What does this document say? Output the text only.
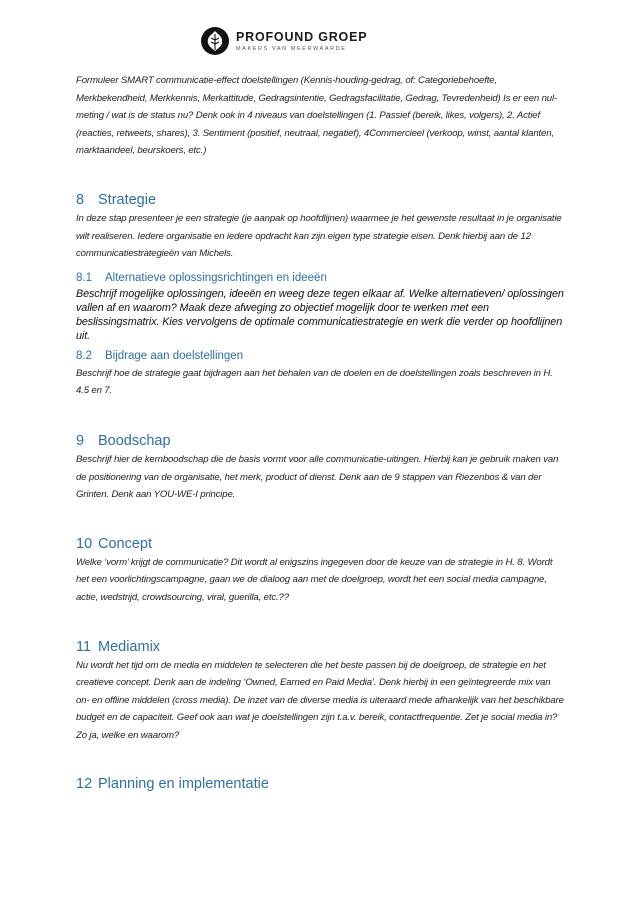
PROFOUND GROEP
MAKERS VAN MEERWAARDE

Formuleer SMART communicatie-effect doelstellingen (Kennis-houding-gedrag, of: Categoriebehoefte, Merkbekendheid, Merkkennis, Merkattitude, Gedragsintentie, Gedragsfacilitatie, Gedrag, Tevredenheid) Is er een nul-meting / wat is de status nu? Denk ook in 4 niveaus van doelstellingen (1. Passief (bereik, likes, volgers), 2. Actief (reacties, retweets, shares), 3. Sentiment (positief, neutraal, negatief), 4Commercieel (verkoop, winst, aantal klanten, marktaandeel, beurskoers, etc.)

8 Strategie

In deze stap presenteer je een strategie (je aanpak op hoofdlijnen) waarmee je het gewenste resultaat in je organisatie wilt realiseren. Iedere organisatie en iedere opdracht kan zijn eigen type strategie eisen. Denk hierbij aan de 12 communicatiestrategieën van Michels.

8.1 Alternatieve oplossingsrichtingen en ideeën

Beschrijf mogelijke oplossingen, ideeën en weeg deze tegen elkaar af. Welke alternatieven/ oplossingen vallen af en waarom? Maak deze afweging zo objectief mogelijk door te werken met een beslissingsmatrix. Kies vervolgens de optimale communicatiestrategie en werk die verder op hoofdlijnen uit.

8.2 Bijdrage aan doelstellingen

Beschrijf hoe de strategie gaat bijdragen aan het behalen van de doelen en de doelstellingen zoals beschreven in H. 4.5 en 7.

9 Boodschap

Beschrijf hier de kernboodschap die de basis vormt voor alle communicatie-uitingen. Hierbij kan je gebruik maken van de positionering van de organisatie, het merk, product of dienst. Denk aan de 9 stappen van Riezenbos & van der Grinten. Denk aan YOU-WE-I principe.

10 Concept

Welke ‘vorm’ krijgt de communicatie? Dit wordt al enigszins ingegeven door de keuze van de strategie in H. 8. Wordt het een voorlichtingscampagne, gaan we de dialoog aan met de doelgroep, wordt het een social media campagne, actie, wedstrijd, crowdsourcing, viral, guerilla, etc.??

11 Mediamix

Nu wordt het tijd om de media en middelen te selecteren die het beste passen bij de doelgroep, de strategie en het creatieve concept. Denk aan de indeling ‘Owned, Earned en Paid Media’. Denk hierbij in een geïntegreerde mix van on- en offline middelen (cross media). De inzet van de diverse media is uiteraard mede afhankelijk van het beschikbare budget en de capaciteit. Geef ook aan wat je doelstellingen zijn t.a.v. bereik, contactfrequentie. Zet je social media in? Zo ja, welke en waarom?

12 Planning en implementatie
